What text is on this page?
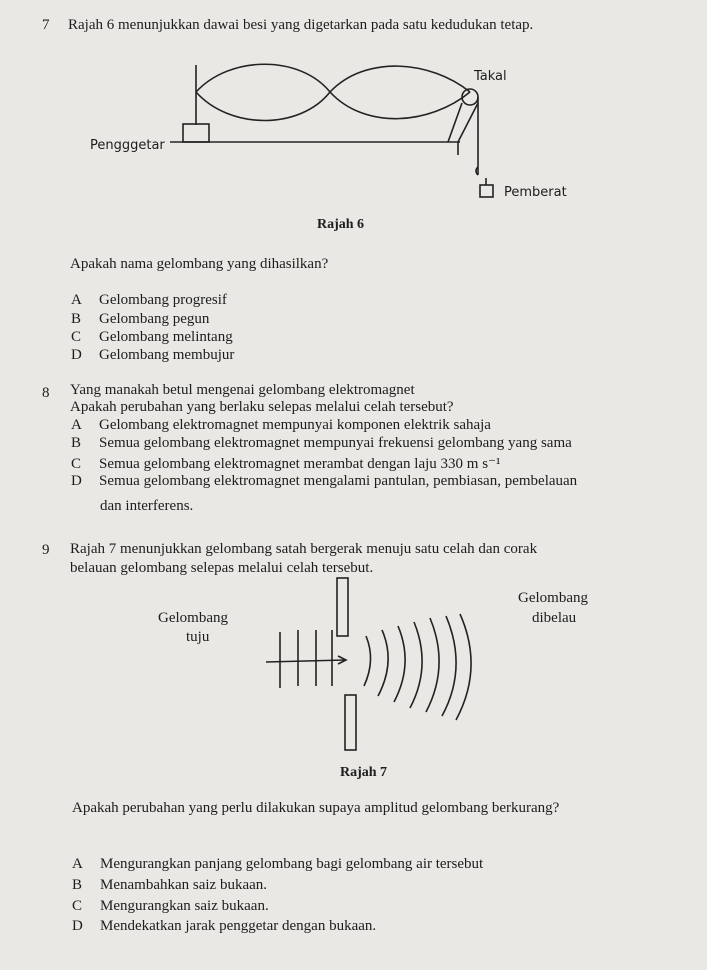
7 Rajah 6 menunjukkan dawai besi yang digetarkan pada satu kedudukan tetap.
Takal
Pengggetar
Pemberat
Rajah 6
Apakah nama gelombang yang dihasilkan?
A Gelombang progresif
B Gelombang pegun
C Gelombang melintang
D Gelombang membujur
8 Yang manakah betul mengenai gelombang elektromagnet
Apakah perubahan yang berlaku selepas melalui celah tersebut?
A Gelombang elektromagnet mempunyai komponen elektrik sahaja
B Semua gelombang elektromagnet mempunyai frekuensi gelombang yang sama
C Semua gelombang elektromagnet merambat dengan laju 330 m s⁻¹
D Semua gelombang elektromagnet mengalami pantulan, pembiasan, pembelauan
dan interferens.
9 Rajah 7 menunjukkan gelombang satah bergerak menuju satu celah dan corak
belauan gelombang selepas melalui celah tersebut.
Gelombang
tuju
Gelombang
dibelau
Rajah 7
Apakah perubahan yang perlu dilakukan supaya amplitud gelombang berkurang?
A Mengurangkan panjang gelombang bagi gelombang air tersebut
B Menambahkan saiz bukaan.
C Mengurangkan saiz bukaan.
D Mendekatkan jarak penggetar dengan bukaan.
